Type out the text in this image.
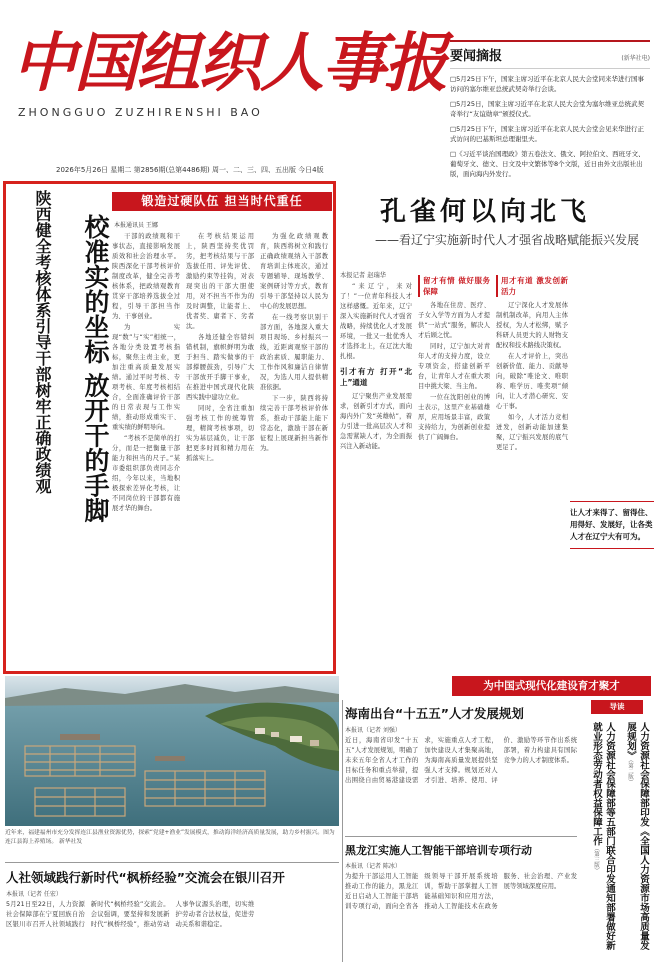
中国组织人事报
ZHONGGUO ZUZHIRENSHI BAO
2026年5月26日 星期二 第2856期(总第4486期) 周一、二、三、四、五出版 今日4版
要闻摘报	(新华社电)
□5月25日下午，国家主席习近平在北京人民大会堂同来华进行国事访问的塞尔维亚总统武契奇举行会谈。
□5月25日，国家主席习近平在北京人民大会堂为塞尔维亚总统武契奇举行“友谊勋章”颁授仪式。
□5月25日下午，国家主席习近平在北京人民大会堂会见来华进行正式访问的巴基斯坦总理谢里夫。
□《习近平谈治国理政》第五卷法文、俄文、阿拉伯文、西班牙文、葡萄牙文、德文、日文及中文繁体等8个文版，近日由外文出版社出版，面向海内外发行。
锻造过硬队伍 担当时代重任
陕西健全考核体系引导干部树牢正确政绩观	校准实的坐标 放开干的手脚 本报通讯员 王娜

干部的政绩观和干事状态，直接影响发展质效和社会治理水平。陕西深化干部考核评价制度改革，健全完善考核体系，把政绩观教育贯穿干部培养选拔全过程，引导干部担当作为、干事创业。

为实现“数”与“实”相统一，各地分类设置考核指标，聚焦主责主业，更加注重高质量发展实绩。通过平时考核、专项考核、年度考核相结合，全面准确评价干部的日常表现与工作实绩，推动形成重实干、重实绩的鲜明导向。

“考核不是简单的打分，而是一把衡量干部能力和担当的尺子。”某市委组织部负责同志介绍，今年以来，当地积极探索差异化考核，让不同岗位的干部都有施展才华的舞台。

在考核结果运用上，陕西坚持奖优罚劣，把考核结果与干部选拔任用、评先评优、激励约束等挂钩，对表现突出的干部大胆使用，对不担当不作为的及时调整，让能者上、优者奖、庸者下、劣者汰。

各地还健全容错纠错机制，旗帜鲜明为敢于担当、踏实做事的干部撑腰鼓劲，引导广大干部放开手脚干事业，在推进中国式现代化陕西实践中建功立业。

同时，全省注重加强考核工作的统筹管理，精简考核事项，切实为基层减负，让干部把更多时间和精力用在抓落实上。

为强化政绩观教育，陕西将树立和践行正确政绩观纳入干部教育培训主体班次，通过专题辅导、现场教学、案例研讨等方式，教育引导干部坚持以人民为中心的发展思想。

在一线考察识别干部方面，各地深入重大项目现场、乡村振兴一线，近距离观察干部的政治素质、履职能力、工作作风和廉洁自律情况，为选人用人提供精准依据。

下一步，陕西将持续完善干部考核评价体系，推动干部能上能下常态化，激励干部在新征程上展现新担当新作为。

孔雀何以向北飞
——看辽宁实施新时代人才强省战略赋能振兴发展

本报记者 赵瑞华

“来辽宁，来对了！”一位青年科技人才这样感慨。近年来，辽宁深入实施新时代人才强省战略，持续优化人才发展环境，一批又一批优秀人才选择北上，在辽沈大地扎根。

引才有方 打开“北上”通道

辽宁聚焦产业发展需求，创新引才方式，面向海内外广发“英雄帖”，着力引进一批高层次人才和急需紧缺人才，为全面振兴注入新动能。

留才有情 做好服务保障

各地在住房、医疗、子女入学等方面为人才提供“一站式”服务，解决人才后顾之忧。

同时，辽宁加大对青年人才的支持力度，设立专项资金，搭建创新平台，让青年人才在重大项目中挑大梁、当主角。

一位在沈阳创业的博士表示，这里产业基础雄厚，应用场景丰富，政策支持给力，为创新创业提供了广阔舞台。

用才有道 激发创新活力

辽宁深化人才发展体制机制改革，向用人主体授权，为人才松绑，赋予科研人员更大的人财物支配权和技术路线决策权。

在人才评价上，突出创新价值、能力、贡献导向，破除“唯论文、唯职称、唯学历、唯奖项”倾向，让人才潜心研究、安心干事。

如今，人才活力竞相迸发，创新动能加速集聚，辽宁振兴发展的底气更足了。

让人才来得了、留得住、用得好、发展好，让各类人才在辽宁大有可为。
为中国式现代化建设育才聚才
近年来，福建福州市充分发挥连江县渔业资源优势，探索“党建+渔业”发展模式，推动海洋经济高质量发展，助力乡村振兴。图为连江县海上养殖场。 新华社发
海南出台“十五五”人才发展规划
本报讯（记者 刘强）
近日，海南省印发“十五五”人才发展规划，明确了未来五年全省人才工作的目标任务和重点举措，提出围绕自由贸易港建设需求，实施重点人才工程，加快建设人才集聚高地，为海南高质量发展提供坚强人才支撑。规划还对人才引进、培养、使用、评价、激励等环节作出系统部署，着力构建具有国际竞争力的人才制度体系。
黑龙江实施人工智能干部培训专项行动
本报讯（记者 陈冰）
为提升干部运用人工智能推动工作的能力，黑龙江近日启动人工智能干部培训专项行动，面向全省各级领导干部开展系统培训，帮助干部掌握人工智能基础知识和应用方法，推动人工智能技术在政务服务、社会治理、产业发展等领域深度应用。
人社领域践行新时代“枫桥经验”交流会在银川召开
本报讯（记者 任宏）
5月21日至22日，人力资源社会保障部在宁夏回族自治区银川市召开人社领域践行新时代“枫桥经验”交流会。会议强调，要坚持和发展新时代“枫桥经验”，推动劳动人事争议源头治理，切实维护劳动者合法权益，促进劳动关系和谐稳定。
导读
人力资源社会保障部印发《全国人力资源市场高质量发展规划》（第二版）
人力资源社会保障部等五部门联合印发通知部署做好新就业形态劳动者权益保障工作（第三版）
